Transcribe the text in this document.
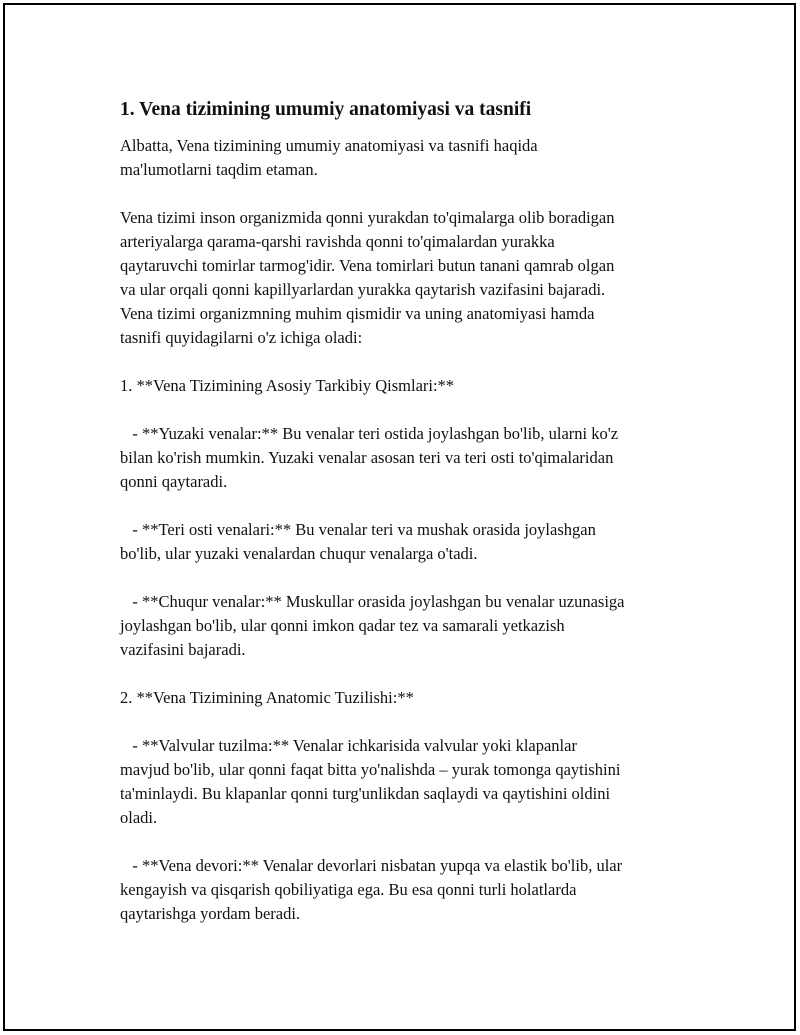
1. Vena tizimining umumiy anatomiyasi va tasnifi
Albatta, Vena tizimining umumiy anatomiyasi va tasnifi haqida
ma'lumotlarni taqdim etaman.
Vena tizimi inson organizmida qonni yurakdan to'qimalarga olib boradigan
arteriyalarga qarama-qarshi ravishda qonni to'qimalardan yurakka
qaytaruvchi tomirlar tarmog'idir. Vena tomirlari butun tanani qamrab olgan
va ular orqali qonni kapillyarlardan yurakka qaytarish vazifasini bajaradi.
Vena tizimi organizmning muhim qismidir va uning anatomiyasi hamda
tasnifi quyidagilarni o'z ichiga oladi:
1. **Vena Tizimining Asosiy Tarkibiy Qismlari:**
- **Yuzaki venalar:** Bu venalar teri ostida joylashgan bo'lib, ularni ko'z
bilan ko'rish mumkin. Yuzaki venalar asosan teri va teri osti to'qimalaridan
qonni qaytaradi.
- **Teri osti venalari:** Bu venalar teri va mushak orasida joylashgan
bo'lib, ular yuzaki venalardan chuqur venalarga o'tadi.
- **Chuqur venalar:** Muskullar orasida joylashgan bu venalar uzunasiga
joylashgan bo'lib, ular qonni imkon qadar tez va samarali yetkazish
vazifasini bajaradi.
2. **Vena Tizimining Anatomic Tuzilishi:**
- **Valvular tuzilma:** Venalar ichkarisida valvular yoki klapanlar
mavjud bo'lib, ular qonni faqat bitta yo'nalishda – yurak tomonga qaytishini
ta'minlaydi. Bu klapanlar qonni turg'unlikdan saqlaydi va qaytishini oldini
oladi.
- **Vena devori:** Venalar devorlari nisbatan yupqa va elastik bo'lib, ular
kengayish va qisqarish qobiliyatiga ega. Bu esa qonni turli holatlarda
qaytarishga yordam beradi.
